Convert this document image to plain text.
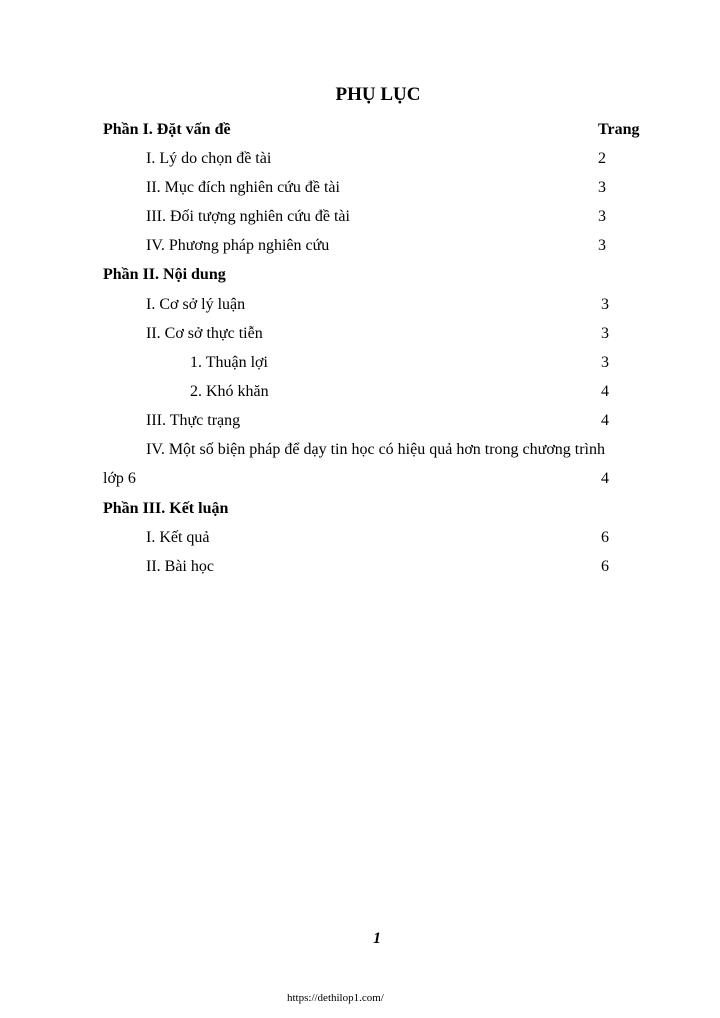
PHỤ LỤC
Phần I. Đặt vấn đề	Trang
I. Lý do chọn đề tài	2
II. Mục đích nghiên cứu đề tài	3
III. Đối tượng nghiên cứu đề tài	3
IV. Phương pháp nghiên cứu	3
Phần II. Nội dung
I. Cơ sở lý luận	3
II. Cơ sở thực tiễn	3
1. Thuận lợi	3
2. Khó khăn	4
III. Thực trạng	4
IV. Một số biện pháp để dạy tin học có hiệu quả hơn trong chương trình
lớp 6	4
Phần III. Kết luận
I. Kết quả	6
II. Bài học	6
1
https://dethilop1.com/
